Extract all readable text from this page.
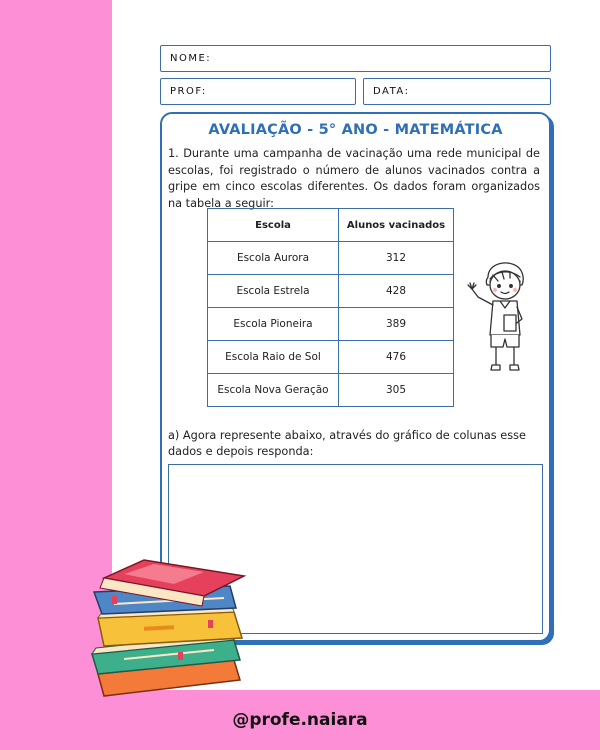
NOME:
PROF:	DATA:
AVALIAÇÃO - 5° ANO - MATEMÁTICA
1. Durante uma campanha de vacinação uma rede municipal de escolas, foi registrado o número de alunos vacinados contra a gripe em cinco escolas diferentes. Os dados foram organizados na tabela a seguir:
Escola	Alunos vacinados
Escola Aurora	312
Escola Estrela	428
Escola Pioneira	389
Escola Raio de Sol	476
Escola Nova Geração	305
a) Agora represente abaixo, através do gráfico de colunas esse dados e depois responda:
@profe.naiara
